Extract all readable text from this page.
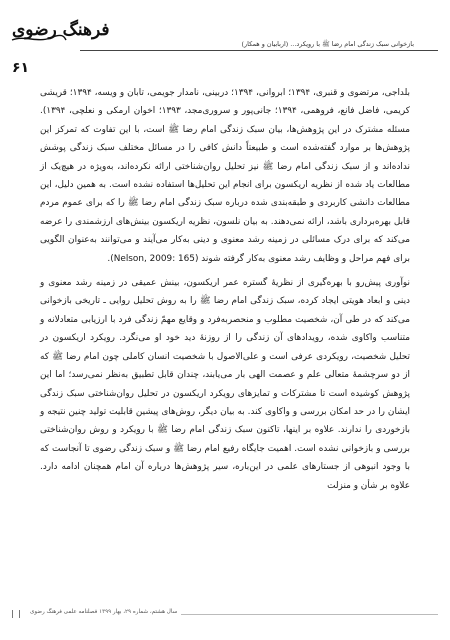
فرهنگ رضوی
بازخوانی سبک زندگی امام رضا ﷺ با رویکرد... (اربابیان و همکار)
۶۱

بلداجی، مرتضوی و قنبری، ۱۳۹۴؛ ابروانی، ۱۳۹۴؛ دربینی، نامدار جویمی، تابان و ویسه، ۱۳۹۴؛ قریشی کریمی، فاضل فانع، فروهمی، ۱۳۹۴؛ جانی‌پور و سروری‌مجد، ۱۳۹۳؛ اخوان ارمکی و نعلچی، ۱۳۹۴). مسئله مشترک در این پژوهش‌ها، بیان سبک زندگی امام رضا ﷺ است، با این تفاوت که تمرکز این پژوهش‌ها بر موارد گفته‌شده است و طبیعتاً دانش کافی را در مسائل مختلف سبک زندگی پوشش نداده‌اند و از سبک زندگی امام رضا ﷺ نیز تحلیل روان‌شناختی ارائه نکرده‌اند، به‌ویژه در هیچ‌یک از مطالعات یاد شده از نظریه اریکسون برای انجام این تحلیل‌ها استفاده نشده است. به همین دلیل، این مطالعات دانشی کاربردی و طبقه‌بندی شده درباره سبک زندگی امام رضا ﷺ را که برای عموم مردم قابل بهره‌برداری باشد، ارائه نمی‌دهند. به بیان نلسون، نظریه اریکسون بینش‌های ارزشمندی را عرضه می‌کند که برای درک مسائلی در زمینه رشد معنوی و دینی به‌کار می‌آیند و می‌توانند به‌عنوان الگویی برای فهم مراحل و وظایف رشد معنوی به‌کار گرفته شوند (Nelson, 2009: 165).

نوآوری پیش‌رو با بهره‌گیری از نظریهٔ گستره عمر اریکسون، بینش عمیقی در زمینه رشد معنوی و دینی و ابعاد هویتی ایجاد کرده، سبک زندگی امام رضا ﷺ را به روش تحلیل روایی ـ تاریخی بازخوانی می‌کند که در طی آن، شخصیت مطلوب و منحصربه‌فرد و وقایع مهمّ زندگی فرد با ارزیابی متعادلانه و متناسب واکاوی شده، رویدادهای آن زندگی را از روزنهٔ دید خود او می‌نگرد. رویکرد اریکسون در تحلیل شخصیت، رویکردی عرفی است و علی‌الاصول با شخصیت انسان کاملی چون امام رضا ﷺ که از دو سرچشمهٔ متعالی علم و عصمت الهی بار می‌یابند، چندان قابل تطبیق به‌نظر نمی‌رسد؛ اما این پژوهش کوشیده است تا مشترکات و تمایزهای رویکرد اریکسون در تحلیل روان‌شناختی سبک زندگی ایشان را در حد امکان بررسی و واکاوی کند. به بیان دیگر، روش‌های پیشین قابلیت تولید چنین نتیجه و بازخوردی را ندارند. علاوه بر اینها، تاکنون سبک زندگی امام رضا ﷺ با رویکرد و روش روان‌شناختی بررسی و بازخوانی نشده است. اهمیت جایگاه رفیع امام رضا ﷺ و سبک زندگی رضوی تا آنجاست که با وجود انبوهی از جستارهای علمی در این‌باره، سیر پژوهش‌ها درباره آن امام همچنان ادامه دارد. علاوه بر شأن و منزلت

سال هشتم، شماره ۲۹، بهار ۱۳۹۹ فصلنامه علمی فرهنگ رضوی
